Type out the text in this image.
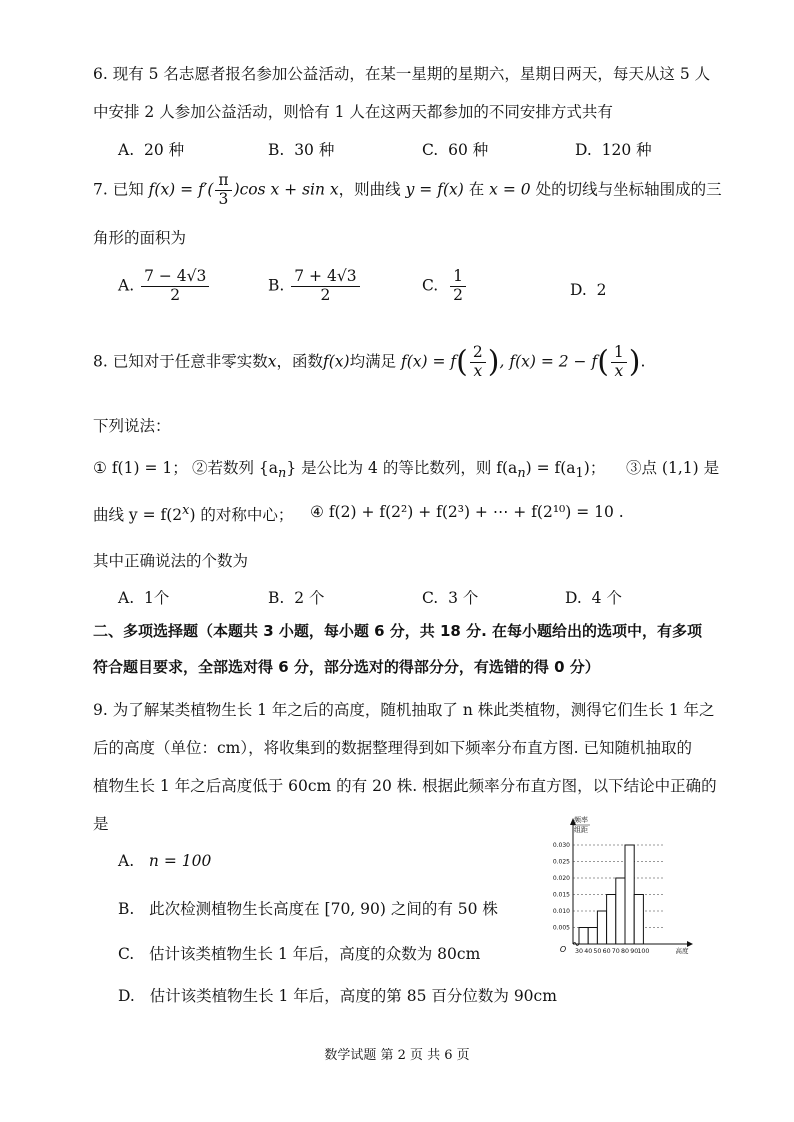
6. 现有 5 名志愿者报名参加公益活动，在某一星期的星期六，星期日两天，每天从这 5 人
中安排 2 人参加公益活动，则恰有 1 人在这两天都参加的不同安排方式共有
A. 20 种	B. 30 种	C. 60 种	D. 120 种
7. 已知 $f(x) = f'( \frac{\pi}{3} )\cos$ x + sin x，则曲线 y = f(x) 在 x = 0 处的切线与坐标轴围成的三
角形的面积为
A. $\frac{7 - 4√3}{2}$	B. $\frac{7 + 4√3}{2}$	C. $\frac{1}{2}$	D. 2
8. 已知对于任意非零实数x，函数f(x)均满足 $f(x) = f( \frac{2}{x}$ ), $f(x) = 2 - f( \frac{1}{x}$ ).
下列说法：
① f(1) = 1； ②若数列 $\{a_n\}$ 是公比为 4 的等比数列，则 $f(a_n) = f(a_1)$； ③点 (1,1) 是
曲线 $y = f(2^x)$ 的对称中心； ④ f(2) + f(2²) + f(2³) + ⋯ + f(2¹⁰) = 10 .
其中正确说法的个数为
A. 1个	B. 2 个	C. 3 个	D. 4 个
二、多项选择题（本题共 3 小题，每小题 6 分，共 18 分. 在每小题给出的选项中，有多项
符合题目要求，全部选对得 6 分，部分选对的得部分分，有选错的得 0 分）
9. 为了解某类植物生长 1 年之后的高度，随机抽取了 n 株此类植物，测得它们生长 1 年之
后的高度（单位：cm），将收集到的数据整理得到如下频率分布直方图. 已知随机抽取的
植物生长 1 年之后高度低于 60cm 的有 20 株. 根据此频率分布直方图，以下结论中正确的
是
A. n = 100
B. 此次检测植物生长高度在 [70, 90) 之间的有 50 株
C. 估计该类植物生长 1 年后，高度的众数为 80cm
D. 估计该类植物生长 1 年后，高度的第 85 百分位数为 90cm
0.005
0.010
0.015
0.020
0.025
0.030
30 40 50 60 70 80 90 100
O	高度
频率
组距
数学试题 第 2 页 共 6 页
